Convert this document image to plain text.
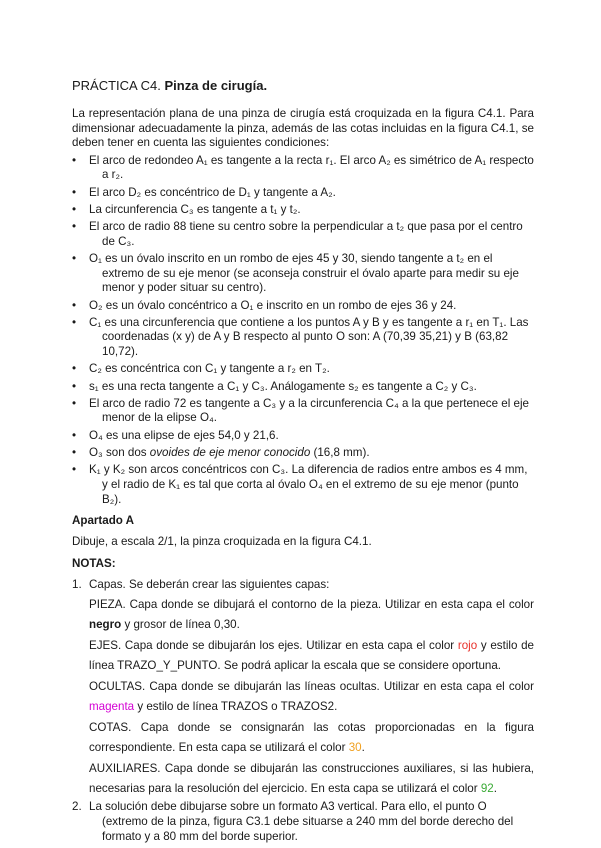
PRÁCTICA C4. Pinza de cirugía.

La representación plana de una pinza de cirugía está croquizada en la figura C4.1. Para dimensionar adecuadamente la pinza, además de las cotas incluidas en la figura C4.1, se deben tener en cuenta las siguientes condiciones:

• El arco de redondeo A₁ es tangente a la recta r₁. El arco A₂ es simétrico de A₁ respecto a r₂.
• El arco D₂ es concéntrico de D₁ y tangente a A₂.
• La circunferencia C₃ es tangente a t₁ y t₂.
• El arco de radio 88 tiene su centro sobre la perpendicular a t₂ que pasa por el centro de C₃.
• O₁ es un óvalo inscrito en un rombo de ejes 45 y 30, siendo tangente a t₂ en el extremo de su eje menor (se aconseja construir el óvalo aparte para medir su eje menor y poder situar su centro).
• O₂ es un óvalo concéntrico a O₁ e inscrito en un rombo de ejes 36 y 24.
• C₁ es una circunferencia que contiene a los puntos A y B y es tangente a r₁ en T₁. Las coordenadas (x y) de A y B respecto al punto O son: A (70,39 35,21) y B (63,82 10,72).
• C₂ es concéntrica con C₁ y tangente a r₂ en T₂.
• s₁ es una recta tangente a C₁ y C₃. Análogamente s₂ es tangente a C₂ y C₃.
• El arco de radio 72 es tangente a C₃ y a la circunferencia C₄ a la que pertenece el eje menor de la elipse O₄.
• O₄ es una elipse de ejes 54,0 y 21,6.
• O₃ son dos ovoides de eje menor conocido (16,8 mm).
• K₁ y K₂ son arcos concéntricos con C₃. La diferencia de radios entre ambos es 4 mm, y el radio de K₁ es tal que corta al óvalo O₄ en el extremo de su eje menor (punto B₂).
Apartado A

Dibuje, a escala 2/1, la pinza croquizada en la figura C4.1.

NOTAS:
1. Capas. Se deberán crear las siguientes capas:
PIEZA. Capa donde se dibujará el contorno de la pieza. Utilizar en esta capa el color negro y grosor de línea 0,30.
EJES. Capa donde se dibujarán los ejes. Utilizar en esta capa el color rojo y estilo de línea TRAZO_Y_PUNTO. Se podrá aplicar la escala que se considere oportuna.
OCULTAS. Capa donde se dibujarán las líneas ocultas. Utilizar en esta capa el color magenta y estilo de línea TRAZOS o TRAZOS2.
COTAS. Capa donde se consignarán las cotas proporcionadas en la figura correspondiente. En esta capa se utilizará el color 30.
AUXILIARES. Capa donde se dibujarán las construcciones auxiliares, si las hubiera, necesarias para la resolución del ejercicio. En esta capa se utilizará el color 92.
2. La solución debe dibujarse sobre un formato A3 vertical. Para ello, el punto O (extremo de la pinza, figura C3.1 debe situarse a 240 mm del borde derecho del formato y a 80 mm del borde superior.
